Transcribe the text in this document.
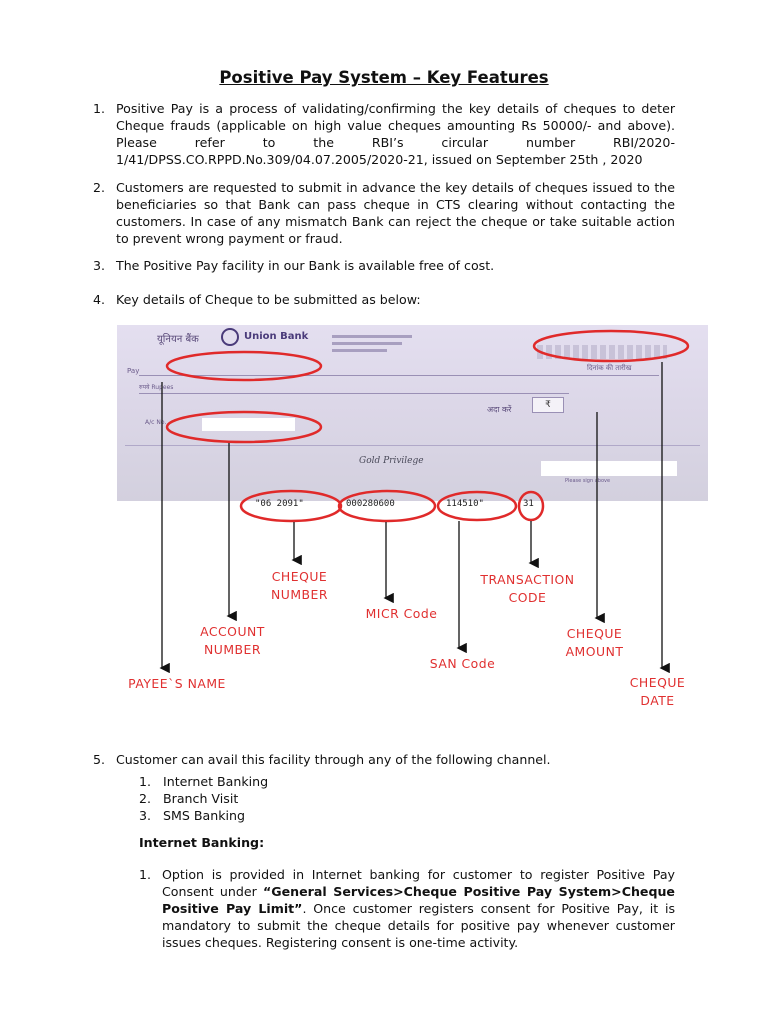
Positive Pay System – Key Features
1. Positive Pay is a process of validating/confirming the key details of cheques to deter
Cheque frauds (applicable on high value cheques amounting Rs 50000/- and above).
Please refer to the RBI’s circular number RBI/2020-
1/41/DPSS.CO.RPPD.No.309/04.07.2005/2020-21, issued on September 25th , 2020
2. Customers are requested to submit in advance the key details of cheques issued to the
beneficiaries so that Bank can pass cheque in CTS clearing without contacting the
customers. In case of any mismatch Bank can reject the cheque or take suitable action
to prevent wrong payment or fraud.
3. The Positive Pay facility in our Bank is available free of cost.
4. Key details of Cheque to be submitted as below:
यूनियन बैंक	Union Bank
दिनांक की तारीख
Pay
रुपये Rupees
अदा करें	₹
A/c No.
Gold Privilege
Please sign above
"06 2091"	000280600	114510"	31
CHEQUE
NUMBER
TRANSACTION
CODE
MICR Code
ACCOUNT
NUMBER
CHEQUE
AMOUNT
SAN Code
PAYEE`S NAME	CHEQUE
DATE
5. Customer can avail this facility through any of the following channel.
1. Internet Banking
2. Branch Visit
3. SMS Banking
Internet Banking:
1. Option is provided in Internet banking for customer to register Positive Pay
Consent under “General Services>Cheque Positive Pay System>Cheque
Positive Pay Limit”. Once customer registers consent for Positive Pay, it is
mandatory to submit the cheque details for positive pay whenever customer
issues cheques. Registering consent is one-time activity.
